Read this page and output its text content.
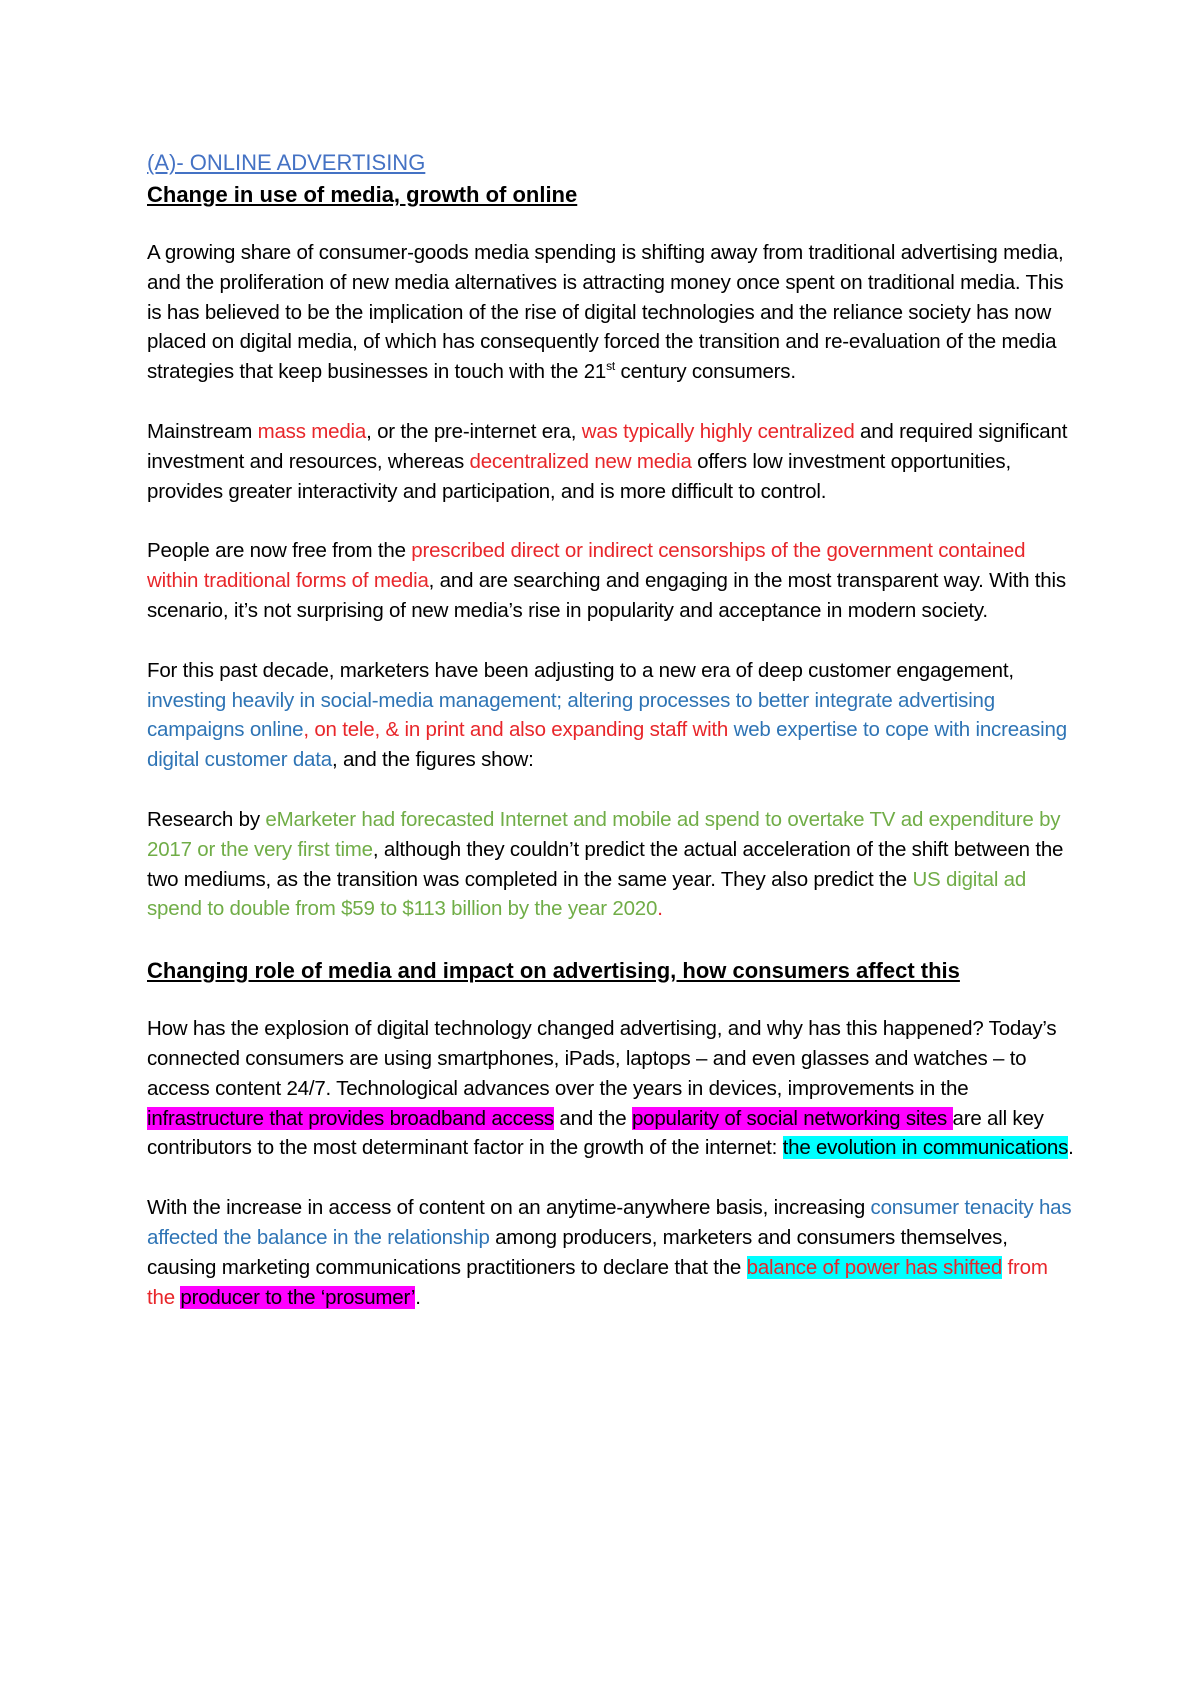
(A)- ONLINE ADVERTISING
Change in use of media, growth of online

A growing share of consumer-goods media spending is shifting away from traditional advertising media, and the proliferation of new media alternatives is attracting money once spent on traditional media. This is has believed to be the implication of the rise of digital technologies and the reliance society has now placed on digital media, of which has consequently forced the transition and re-evaluation of the media strategies that keep businesses in touch with the 21st century consumers.

Mainstream mass media, or the pre-internet era, was typically highly centralized and required significant investment and resources, whereas decentralized new media offers low investment opportunities, provides greater interactivity and participation, and is more difficult to control.

People are now free from the prescribed direct or indirect censorships of the government contained within traditional forms of media, and are searching and engaging in the most transparent way. With this scenario, it’s not surprising of new media’s rise in popularity and acceptance in modern society.

For this past decade, marketers have been adjusting to a new era of deep customer engagement, investing heavily in social-media management; altering processes to better integrate advertising campaigns online, on tele, & in print and also expanding staff with web expertise to cope with increasing digital customer data, and the figures show:

Research by eMarketer had forecasted Internet and mobile ad spend to overtake TV ad expenditure by 2017 or the very first time, although they couldn’t predict the actual acceleration of the shift between the two mediums, as the transition was completed in the same year. They also predict the US digital ad spend to double from $59 to $113 billion by the year 2020.

Changing role of media and impact on advertising, how consumers affect this

How has the explosion of digital technology changed advertising, and why has this happened? Today’s connected consumers are using smartphones, iPads, laptops – and even glasses and watches – to access content 24/7. Technological advances over the years in devices, improvements in the infrastructure that provides broadband access and the popularity of social networking sites are all key contributors to the most determinant factor in the growth of the internet: the evolution in communications.

With the increase in access of content on an anytime-anywhere basis, increasing consumer tenacity has affected the balance in the relationship among producers, marketers and consumers themselves, causing marketing communications practitioners to declare that the balance of power has shifted from the producer to the ‘prosumer’.
